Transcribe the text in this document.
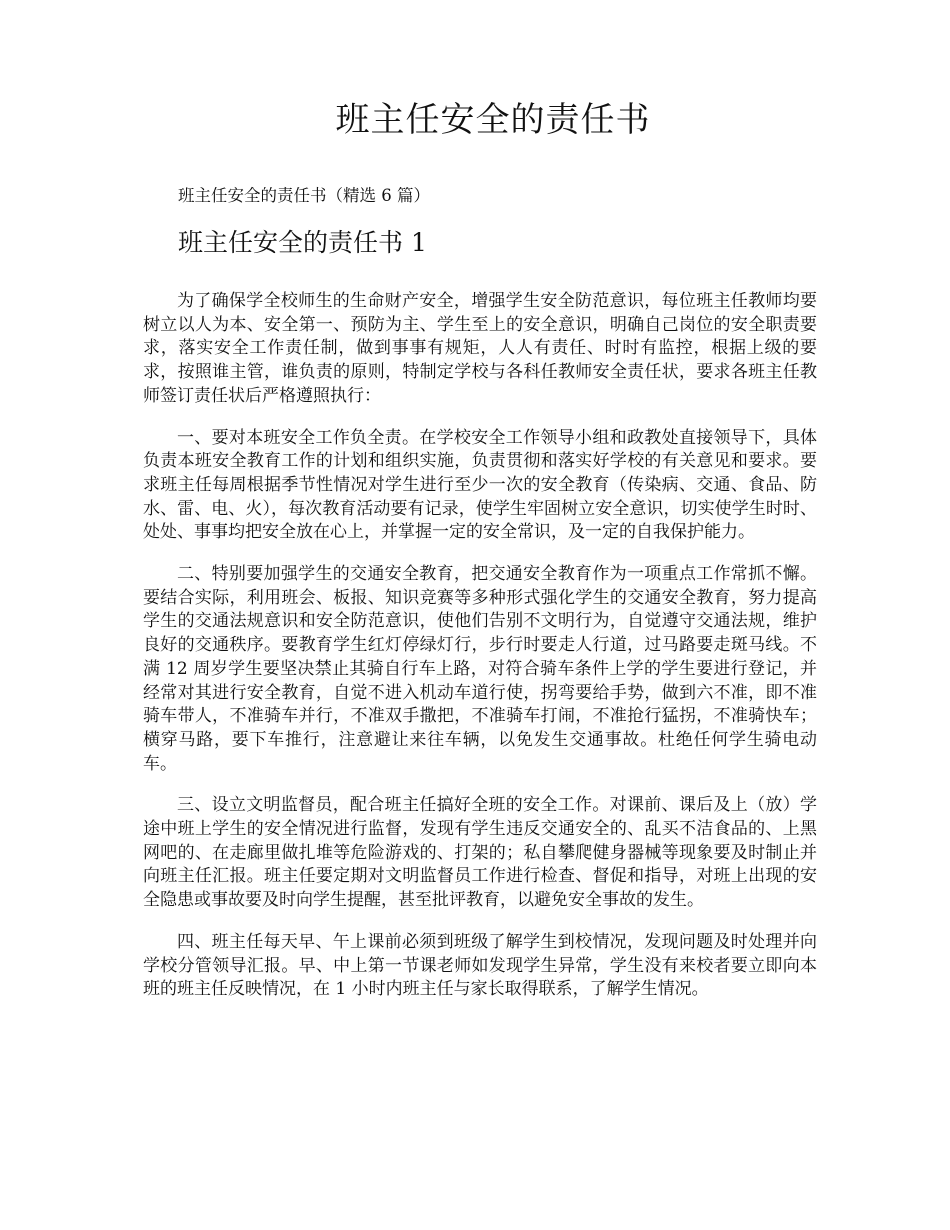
班主任安全的责任书
班主任安全的责任书（精选 6 篇）
班主任安全的责任书 1

为了确保学全校师生的生命财产安全，增强学生安全防范意识，每位班主任教师均要树立以人为本、安全第一、预防为主、学生至上的安全意识，明确自己岗位的安全职责要求，落实安全工作责任制，做到事事有规矩，人人有责任、时时有监控，根据上级的要求，按照谁主管，谁负责的原则，特制定学校与各科任教师安全责任状，要求各班主任教师签订责任状后严格遵照执行：

一、要对本班安全工作负全责。在学校安全工作领导小组和政教处直接领导下，具体负责本班安全教育工作的计划和组织实施，负责贯彻和落实好学校的有关意见和要求。要求班主任每周根据季节性情况对学生进行至少一次的安全教育（传染病、交通、食品、防水、雷、电、火），每次教育活动要有记录，使学生牢固树立安全意识，切实使学生时时、处处、事事均把安全放在心上，并掌握一定的安全常识，及一定的自我保护能力。

二、特别要加强学生的交通安全教育，把交通安全教育作为一项重点工作常抓不懈。要结合实际，利用班会、板报、知识竞赛等多种形式强化学生的交通安全教育，努力提高学生的交通法规意识和安全防范意识，使他们告别不文明行为，自觉遵守交通法规，维护良好的交通秩序。要教育学生红灯停绿灯行，步行时要走人行道，过马路要走斑马线。不满 12 周岁学生要坚决禁止其骑自行车上路，对符合骑车条件上学的学生要进行登记，并经常对其进行安全教育，自觉不进入机动车道行使，拐弯要给手势，做到六不准，即不准骑车带人，不准骑车并行，不准双手撒把，不准骑车打闹，不准抢行猛拐，不准骑快车；横穿马路，要下车推行，注意避让来往车辆，以免发生交通事故。杜绝任何学生骑电动车。

三、设立文明监督员，配合班主任搞好全班的安全工作。对课前、课后及上（放）学途中班上学生的安全情况进行监督，发现有学生违反交通安全的、乱买不洁食品的、上黑网吧的、在走廊里做扎堆等危险游戏的、打架的；私自攀爬健身器械等现象要及时制止并向班主任汇报。班主任要定期对文明监督员工作进行检查、督促和指导，对班上出现的安全隐患或事故要及时向学生提醒，甚至批评教育，以避免安全事故的发生。

四、班主任每天早、午上课前必须到班级了解学生到校情况，发现问题及时处理并向学校分管领导汇报。早、中上第一节课老师如发现学生异常，学生没有来校者要立即向本班的班主任反映情况，在 1 小时内班主任与家长取得联系，了解学生情况。
